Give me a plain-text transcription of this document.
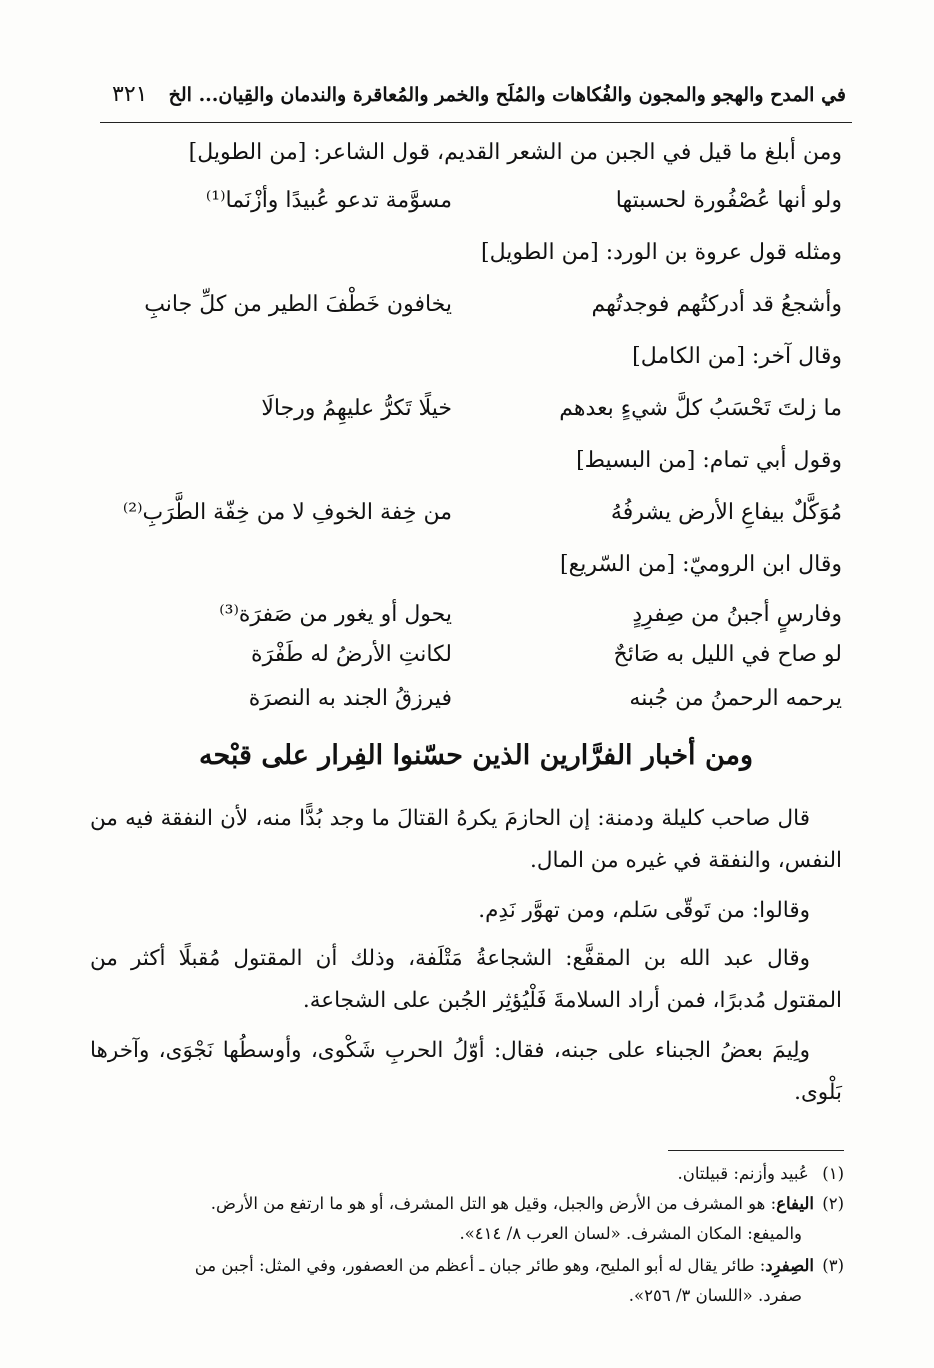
في المدح والهجو والمجون والفُكاهات والمُلَح والخمر والمُعاقرة والندمان والقِيان... الخ
٣٢١
ومن أبلغ ما قيل في الجبن من الشعر القديم، قول الشاعر: [من الطويل]
ولو أنها عُصْفُورة لحسبتها
مسوَّمة تدعو عُبيدًا وأزْنَما⁽¹⁾
ومثله قول عروة بن الورد: [من الطويل]
وأشجعُ قد أدركتُهم فوجدتُهم
يخافون خَطْفَ الطير من كلِّ جانبِ
وقال آخر: [من الكامل]
ما زلتَ تَحْسَبُ كلَّ شيءٍ بعدهم
خيلًا تَكرُّ عليهِمُ ورجالَا
وقول أبي تمام: [من البسيط]
مُوَكَّلٌ بيفاعِ الأرض يشرفُهُ
من خِفة الخوفِ لا من خِفّة الطَّرَبِ⁽²⁾
وقال ابن الروميّ: [من السّريع]
وفارسٍ أجبنُ من صِفرِدٍ
يحول أو يغور من صَفرَة⁽³⁾
لو صاح في الليل به صَائحٌ
لكانتِ الأرضُ له طَفْرَة
يرحمه الرحمنُ من جُبنه
فيرزقُ الجند به النصرَة
ومن أخبار الفرَّارين الذين حسّنوا الفِرار على قبْحه
قال صاحب كليلة ودمنة: إن الحازمَ يكرهُ القتالَ ما وجد بُدًّا منه، لأن النفقة فيه من النفس، والنفقة في غيره من المال.
وقالوا: من تَوقّى سَلم، ومن تهوَّر نَدِم.
وقال عبد الله بن المقفَّع: الشجاعةُ مَتْلَفة، وذلك أن المقتول مُقبلًا أكثر من المقتول مُدبرًا، فمن أراد السلامةَ فَلْيُؤثِر الجُبن على الشجاعة.
ولِيمَ بعضُ الجبناء على جبنه، فقال: أوّلُ الحربِ شَكْوى، وأوسطُها نَجْوَى، وآخرها بَلْوى.
(١) عُبيد وأزنم: قبيلتان.
(٢)اليفاع: هو المشرف من الأرض والجبل، وقيل هو التل المشرف، أو هو ما ارتفع من الأرض.
والميفع: المكان المشرف. «لسان العرب ٨/ ٤١٤».
(٣)الصِفرِد: طائر يقال له أبو المليح، وهو طائر جبان ـ أعظم من العصفور، وفي المثل: أجبن من
صفرد. «اللسان ٣/ ٢٥٦».
